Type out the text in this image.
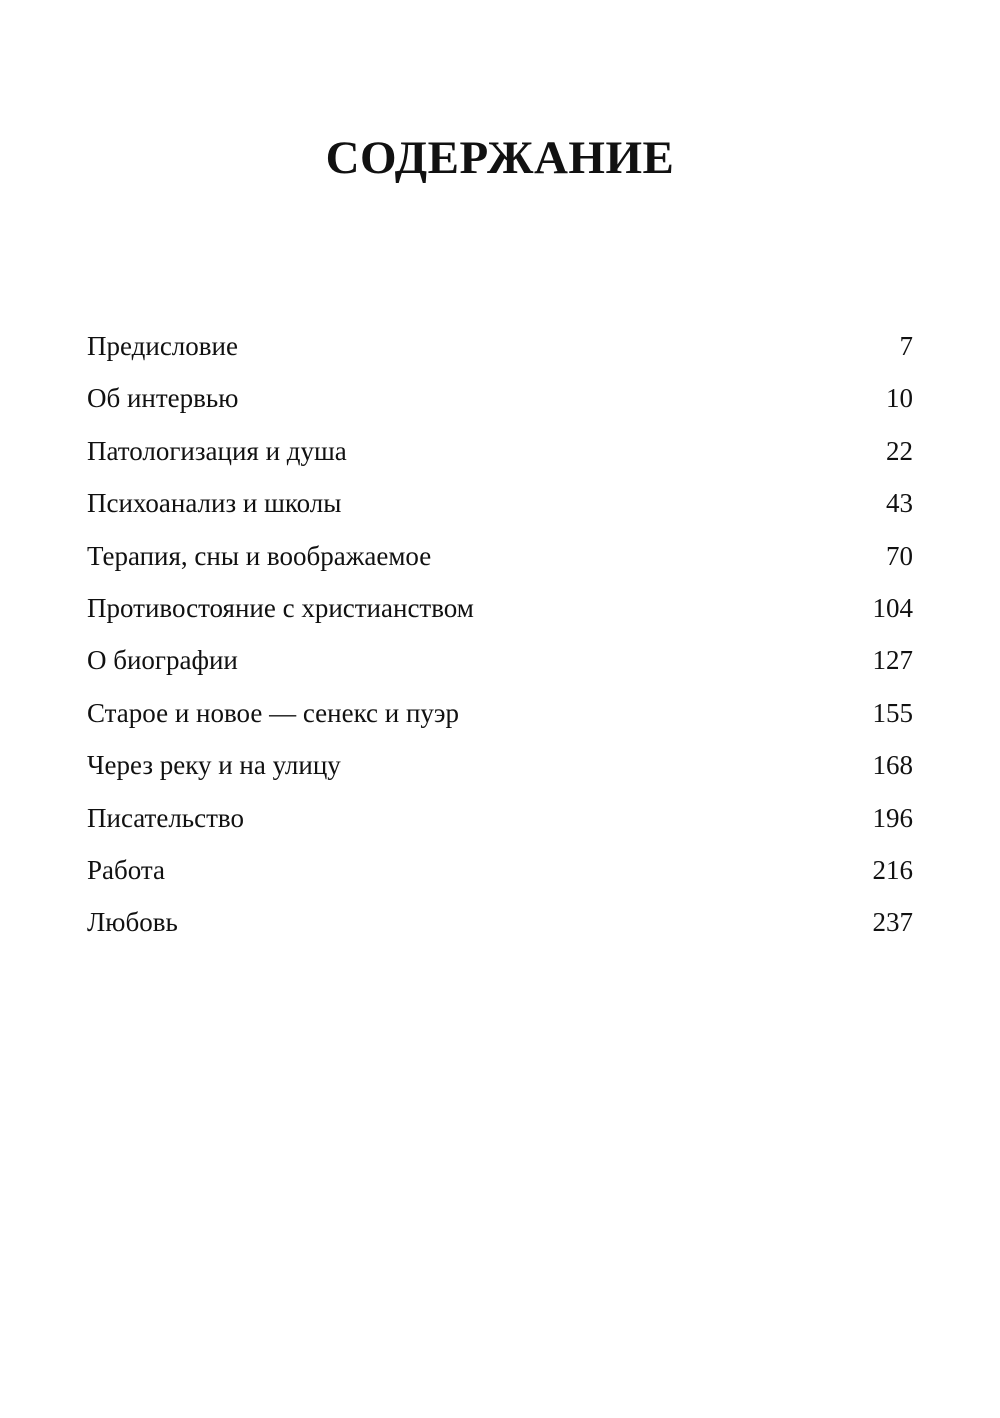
СОДЕРЖАНИЕ
Предисловие	7
Об интервью	10
Патологизация и душа	22
Психоанализ и школы	43
Терапия, сны и воображаемое	70
Противостояние с христианством	104
О биографии	127
Старое и новое — сенекс и пуэр	155
Через реку и на улицу	168
Писательство	196
Работа	216
Любовь	237
